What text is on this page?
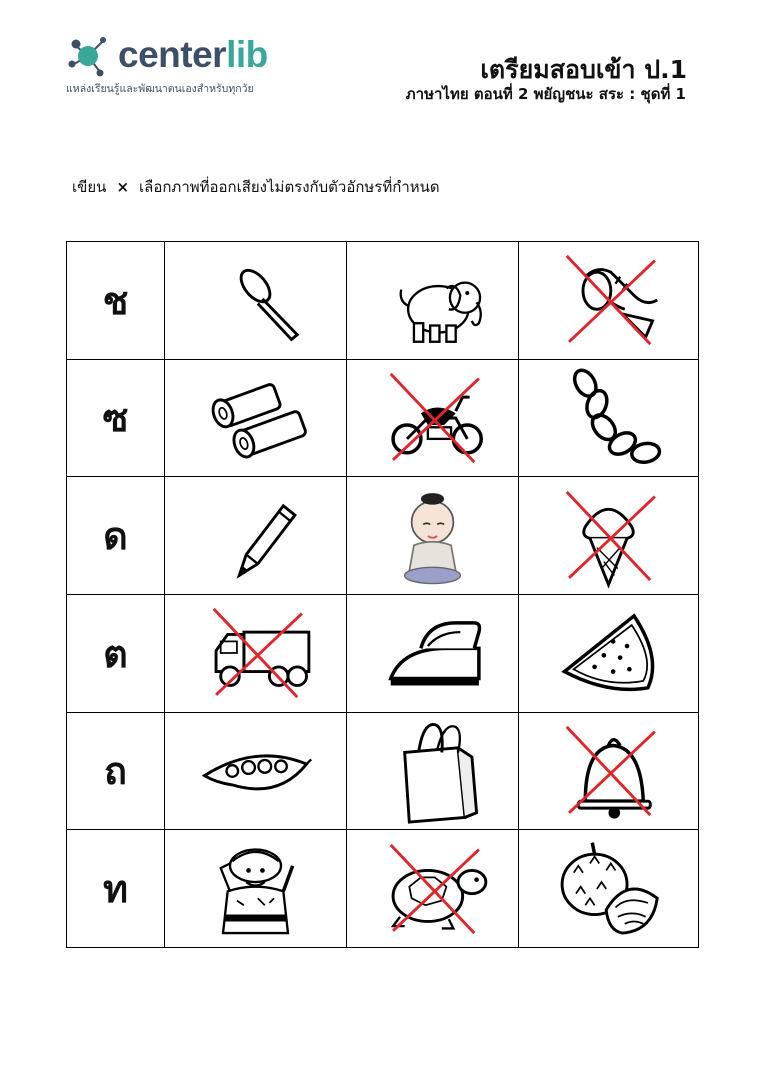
centerlib
แหล่งเรียนรู้และพัฒนาตนเองสำหรับทุกวัย
เตรียมสอบเข้า ป.1
ภาษาไทย ตอนที่ 2 พยัญชนะ สระ : ชุดที่ 1
เขียน × เลือกภาพที่ออกเสียงไม่ตรงกับตัวอักษรที่กำหนด
ช	

ซ	

ด	

ต	

ถ	

ท	
